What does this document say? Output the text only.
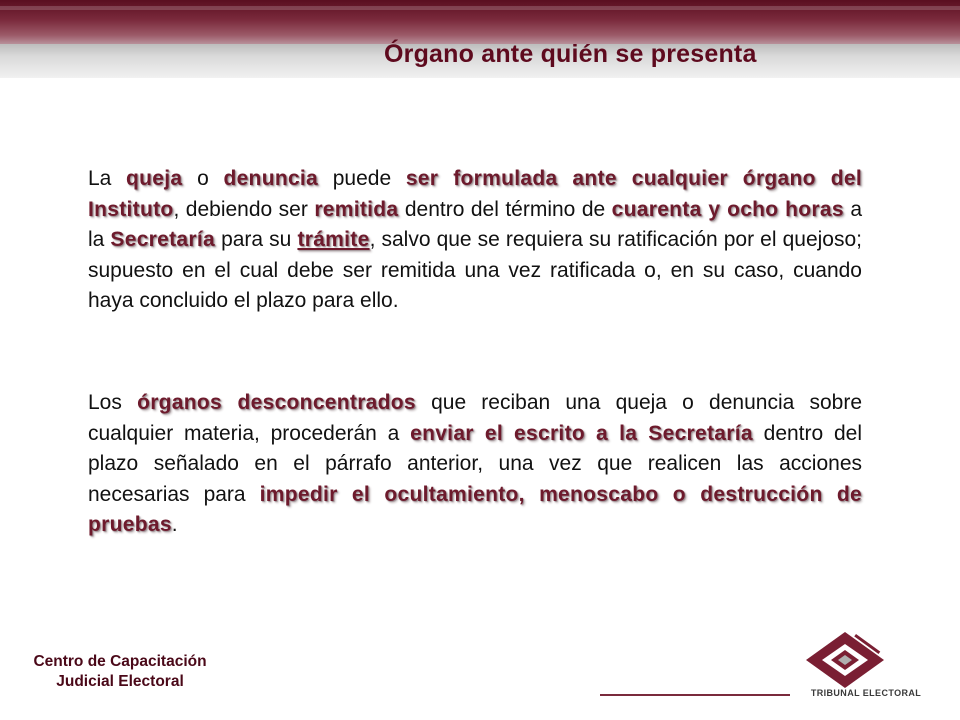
Órgano ante quién se presenta

La queja o denuncia puede ser formulada ante cualquier órgano del Instituto, debiendo ser remitida dentro del término de cuarenta y ocho horas a la Secretaría para su trámite, salvo que se requiera su ratificación por el quejoso; supuesto en el cual debe ser remitida una vez ratificada o, en su caso, cuando haya concluido el plazo para ello.

Los órganos desconcentrados que reciban una queja o denuncia sobre cualquier materia, procederán a enviar el escrito a la Secretaría dentro del plazo señalado en el párrafo anterior, una vez que realicen las acciones necesarias para impedir el ocultamiento, menoscabo o destrucción de pruebas.

Centro de Capacitación
Judicial Electoral
TRIBUNAL ELECTORAL
